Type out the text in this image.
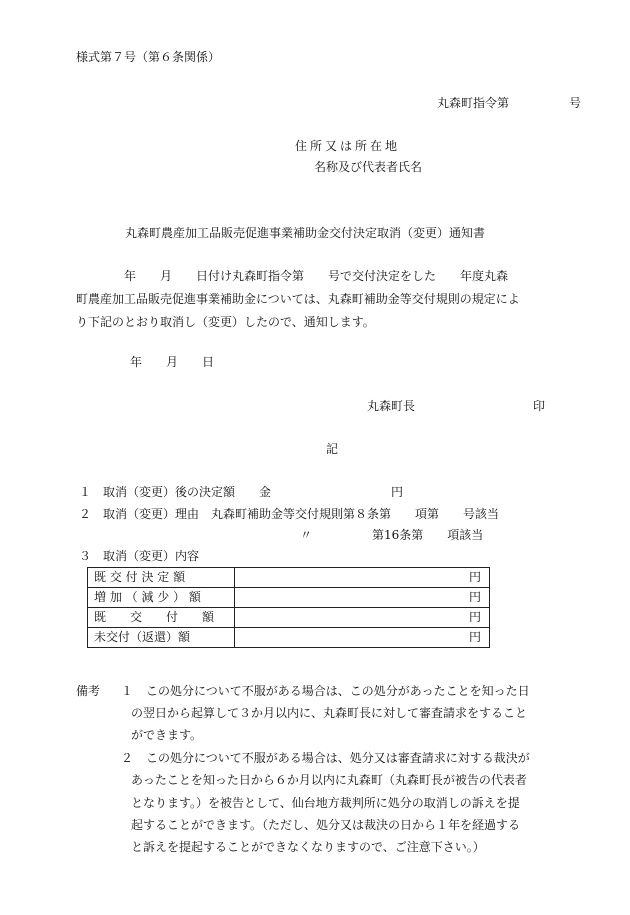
様式第７号（第６条関係）
丸森町指令第　　　　　号
住所又は所在地
名称及び代表者氏名
丸森町農産加工品販売促進事業補助金交付決定取消（変更）通知書
　　　　年　　月　　日付け丸森町指令第　　号で交付決定をした　　年度丸森
町農産加工品販売促進事業補助金については、丸森町補助金等交付規則の規定によ
り下記のとおり取消し（変更）したので、通知します。
年　　月　　日
丸森町長	印
記
１　取消（変更）後の決定額　　金　　　　　　　　　　円
２　取消（変更）理由　丸森町補助金等交付規則第８条第　　項第　　号該当
〃　　　　　第16条第　　項該当
３　取消（変更）内容
既 交 付 決 定 額	円
増 加 （ 減 少 ） 額	円
既　　交　　付　　額	円
未交付（返還）額	円
備考 １ この処分について不服がある場合は、この処分があったことを知った日
の翌日から起算して３か月以内に、丸森町長に対して審査請求をすること
ができます。
２ この処分について不服がある場合は、処分又は審査請求に対する裁決が
あったことを知った日から６か月以内に丸森町（丸森町長が被告の代表者
となります。）を被告として、仙台地方裁判所に処分の取消しの訴えを提
起することができます。（ただし、処分又は裁決の日から１年を経過する
と訴えを提起することができなくなりますので、ご注意下さい。）
